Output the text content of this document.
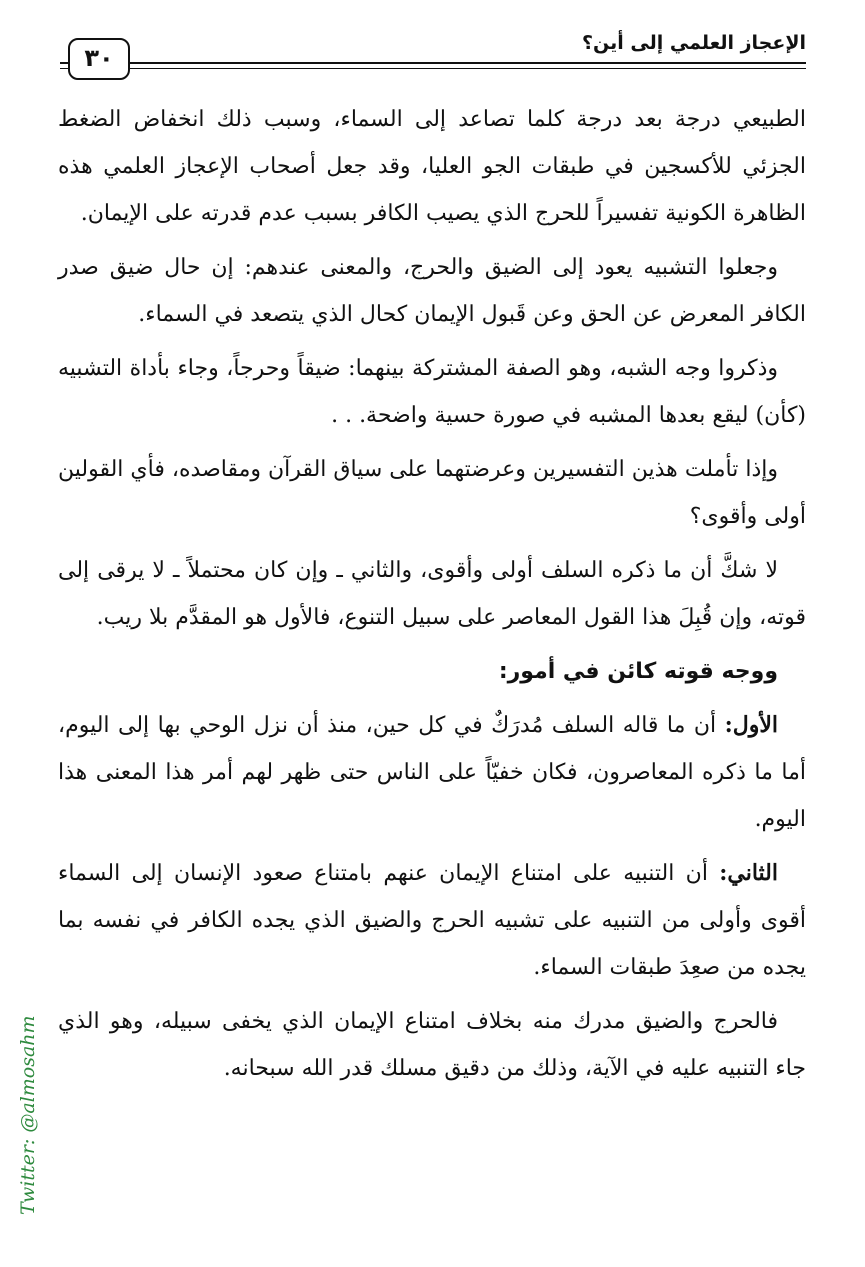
الإعجاز العلمي إلى أين؟
٣٠

الطبيعي درجة بعد درجة كلما تصاعد إلى السماء، وسبب ذلك انخفاض الضغط الجزئي للأكسجين في طبقات الجو العليا، وقد جعل أصحاب الإعجاز العلمي هذه الظاهرة الكونية تفسيراً للحرج الذي يصيب الكافر بسبب عدم قدرته على الإيمان.

وجعلوا التشبيه يعود إلى الضيق والحرج، والمعنى عندهم: إن حال ضيق صدر الكافر المعرض عن الحق وعن قَبول الإيمان كحال الذي يتصعد في السماء.

وذكروا وجه الشبه، وهو الصفة المشتركة بينهما: ضيقاً وحرجاً، وجاء بأداة التشبيه (كأن) ليقع بعدها المشبه في صورة حسية واضحة. . .

وإذا تأملت هذين التفسيرين وعرضتهما على سياق القرآن ومقاصده، فأي القولين أولى وأقوى؟

لا شكَّ أن ما ذكره السلف أولى وأقوى، والثاني ـ وإن كان محتملاً ـ لا يرقى إلى قوته، وإن قُبِلَ هذا القول المعاصر على سبيل التنوع، فالأول هو المقدَّم بلا ريب.

ووجه قوته كائن في أمور:

الأول: أن ما قاله السلف مُدرَكٌ في كل حين، منذ أن نزل الوحي بها إلى اليوم، أما ما ذكره المعاصرون، فكان خفيّاً على الناس حتى ظهر لهم أمر هذا المعنى هذا اليوم.

الثاني: أن التنبيه على امتناع الإيمان عنهم بامتناع صعود الإنسان إلى السماء أقوى وأولى من التنبيه على تشبيه الحرج والضيق الذي يجده الكافر في نفسه بما يجده من صعِدَ طبقات السماء.

فالحرج والضيق مدرك منه بخلاف امتناع الإيمان الذي يخفى سبيله، وهو الذي جاء التنبيه عليه في الآية، وذلك من دقيق مسلك قدر الله سبحانه.

Twitter: @almosahm
